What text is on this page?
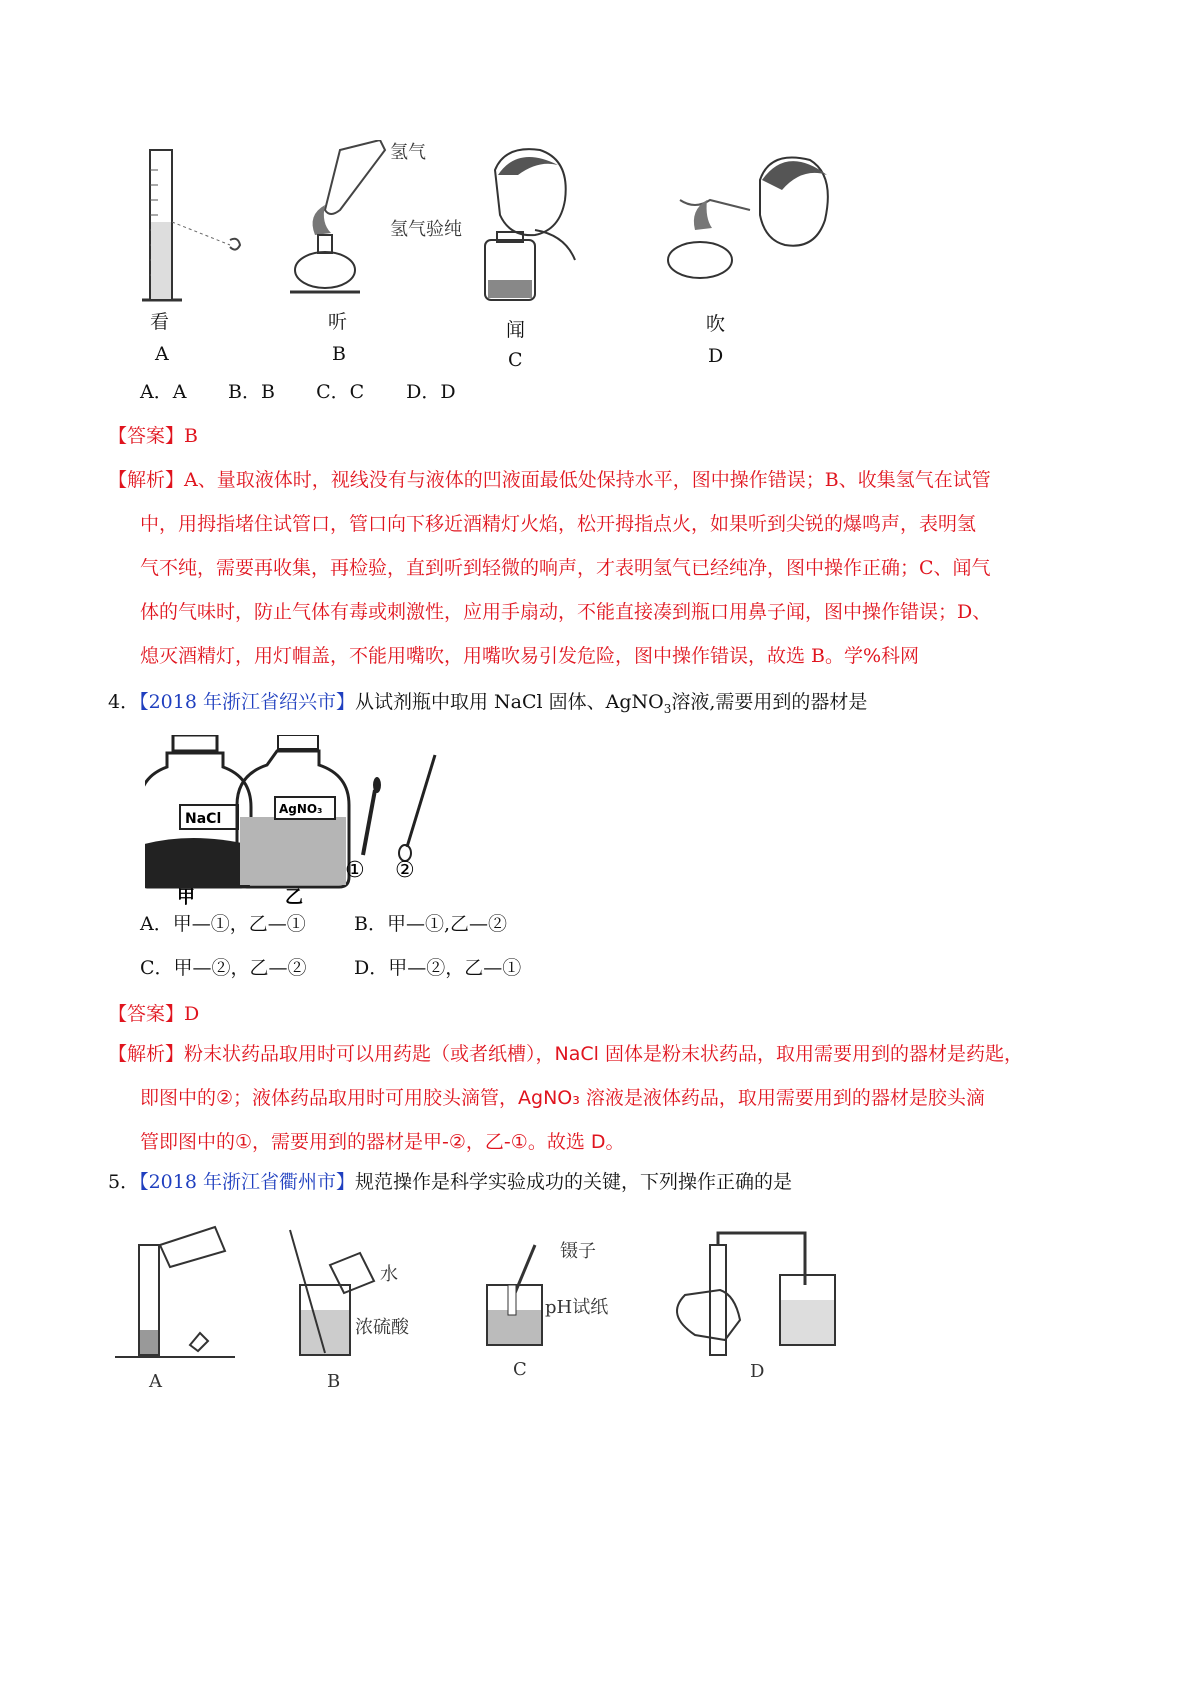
氢气
氢气验纯
看
A
听
B
闻
C
吹
D
A．A B．B C．C D．D
【答案】B
【解析】A、量取液体时，视线没有与液体的凹液面最低处保持水平，图中操作错误；B、收集氢气在试管
中，用拇指堵住试管口，管口向下移近酒精灯火焰，松开拇指点火，如果听到尖锐的爆鸣声，表明氢
气不纯，需要再收集，再检验，直到听到轻微的响声，才表明氢气已经纯净，图中操作正确；C、闻气
体的气味时，防止气体有毒或刺激性，应用手扇动，不能直接凑到瓶口用鼻子闻，图中操作错误；D、
熄灭酒精灯，用灯帽盖，不能用嘴吹，用嘴吹易引发危险，图中操作错误，故选 B。学%科网
4．【2018 年浙江省绍兴市】从试剂瓶中取用 NaCl 固体、AgNO$_3$溶液,需要用到的器材是
NaCl
AgNO₃
① ②
甲	乙
A．甲—①，乙—①	B．甲—①,乙—②
C．甲—②，乙—②	D．甲—②，乙—①
【答案】D
【解析】粉末状药品取用时可以用药匙（或者纸槽），NaCl 固体是粉末状药品，取用需要用到的器材是药匙，
即图中的②；液体药品取用时可用胶头滴管，AgNO₃ 溶液是液体药品，取用需要用到的器材是胶头滴
管即图中的①，需要用到的器材是甲-②，乙-①。故选 D。
5．【2018 年浙江省衢州市】规范操作是科学实验成功的关键，下列操作正确的是
A
水
浓硫酸
B
镊子
pH试纸
C	D
